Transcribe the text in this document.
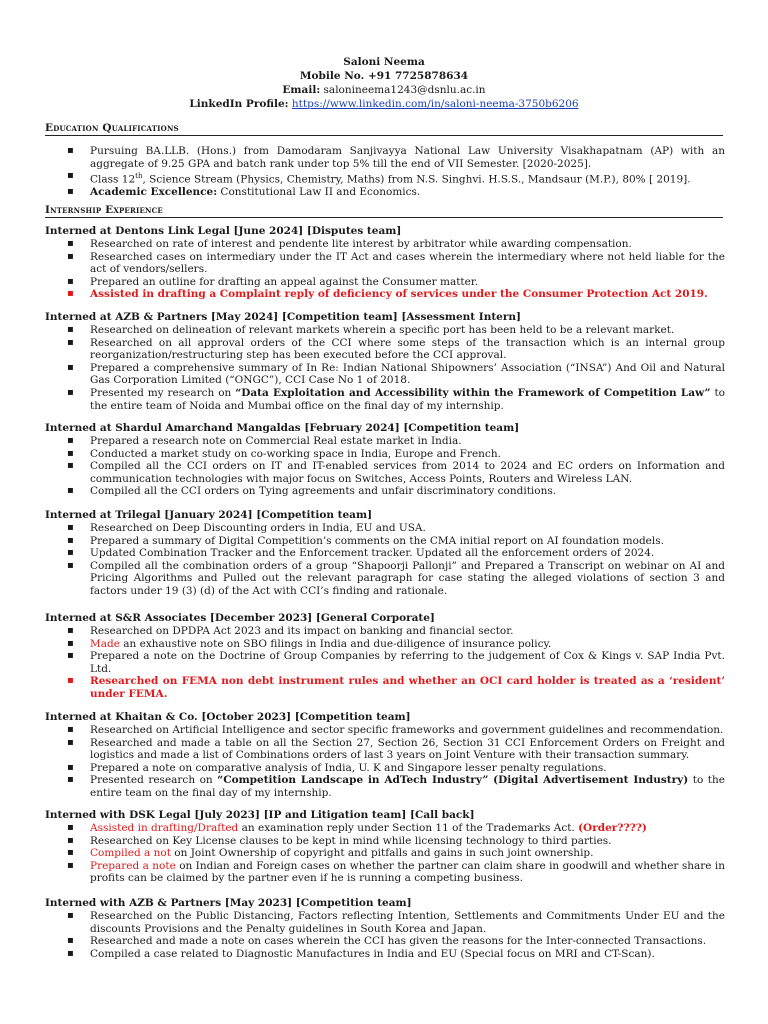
Saloni Neema
Mobile No. +91 7725878634
Email: salonineema1243@dsnlu.ac.in
LinkedIn Profile: https://www.linkedin.com/in/saloni-neema-3750b6206
Education Qualifications
▪ Pursuing BA.LLB. (Hons.) from Damodaram Sanjivayya National Law University Visakhapatnam (AP) with an aggregate of 9.25 GPA and batch rank under top 5% till the end of VII Semester. [2020-2025].
▪ Class 12th, Science Stream (Physics, Chemistry, Maths) from N.S. Singhvi. H.S.S., Mandsaur (M.P.), 80% [ 2019].
▪ Academic Excellence: Constitutional Law II and Economics.
Internship Experience
Interned at Dentons Link Legal [June 2024] [Disputes team]
▪ Researched on rate of interest and pendente lite interest by arbitrator while awarding compensation.
▪ Researched cases on intermediary under the IT Act and cases wherein the intermediary where not held liable for the act of vendors/sellers.
▪ Prepared an outline for drafting an appeal against the Consumer matter.
▪ Assisted in drafting a Complaint reply of deficiency of services under the Consumer Protection Act 2019.
Interned at AZB & Partners [May 2024] [Competition team] [Assessment Intern]
▪ Researched on delineation of relevant markets wherein a specific port has been held to be a relevant market.
▪ Researched on all approval orders of the CCI where some steps of the transaction which is an internal group reorganization/restructuring step has been executed before the CCI approval.
▪ Prepared a comprehensive summary of In Re: Indian National Shipowners’ Association (“INSA”) And Oil and Natural Gas Corporation Limited (“ONGC”), CCI Case No 1 of 2018.
▪ Presented my research on “Data Exploitation and Accessibility within the Framework of Competition Law” to the entire team of Noida and Mumbai office on the final day of my internship.
Interned at Shardul Amarchand Mangaldas [February 2024] [Competition team]
▪ Prepared a research note on Commercial Real estate market in India.
▪ Conducted a market study on co-working space in India, Europe and French.
▪ Compiled all the CCI orders on IT and IT-enabled services from 2014 to 2024 and EC orders on Information and communication technologies with major focus on Switches, Access Points, Routers and Wireless LAN.
▪ Compiled all the CCI orders on Tying agreements and unfair discriminatory conditions.
Interned at Trilegal [January 2024] [Competition team]
▪ Researched on Deep Discounting orders in India, EU and USA.
▪ Prepared a summary of Digital Competition’s comments on the CMA initial report on AI foundation models.
▪ Updated Combination Tracker and the Enforcement tracker. Updated all the enforcement orders of 2024.
▪ Compiled all the combination orders of a group “Shapoorji Pallonji” and Prepared a Transcript on webinar on AI and Pricing Algorithms and Pulled out the relevant paragraph for case stating the alleged violations of section 3 and factors under 19 (3) (d) of the Act with CCI’s finding and rationale.
Interned at S&R Associates [December 2023] [General Corporate]
▪ Researched on DPDPA Act 2023 and its impact on banking and financial sector.
▪ Made an exhaustive note on SBO filings in India and due-diligence of insurance policy.
▪ Prepared a note on the Doctrine of Group Companies by referring to the judgement of Cox & Kings v. SAP India Pvt. Ltd.
▪ Researched on FEMA non debt instrument rules and whether an OCI card holder is treated as a ‘resident’ under FEMA.
Interned at Khaitan & Co. [October 2023] [Competition team]
▪ Researched on Artificial Intelligence and sector specific frameworks and government guidelines and recommendation.
▪ Researched and made a table on all the Section 27, Section 26, Section 31 CCI Enforcement Orders on Freight and logistics and made a list of Combinations orders of last 3 years on Joint Venture with their transaction summary.
▪ Prepared a note on comparative analysis of India, U. K and Singapore lesser penalty regulations.
▪ Presented research on “Competition Landscape in AdTech Industry” (Digital Advertisement Industry) to the entire team on the final day of my internship.
Interned with DSK Legal [July 2023] [IP and Litigation team] [Call back]
▪ Assisted in drafting/Drafted an examination reply under Section 11 of the Trademarks Act. (Order????)
▪ Researched on Key License clauses to be kept in mind while licensing technology to third parties.
▪ Compiled a not on Joint Ownership of copyright and pitfalls and gains in such joint ownership.
▪ Prepared a note on Indian and Foreign cases on whether the partner can claim share in goodwill and whether share in profits can be claimed by the partner even if he is running a competing business.
Interned with AZB & Partners [May 2023] [Competition team]
▪ Researched on the Public Distancing, Factors reflecting Intention, Settlements and Commitments Under EU and the discounts Provisions and the Penalty guidelines in South Korea and Japan.
▪ Researched and made a note on cases wherein the CCI has given the reasons for the Inter-connected Transactions.
▪ Compiled a case related to Diagnostic Manufactures in India and EU (Special focus on MRI and CT-Scan).
